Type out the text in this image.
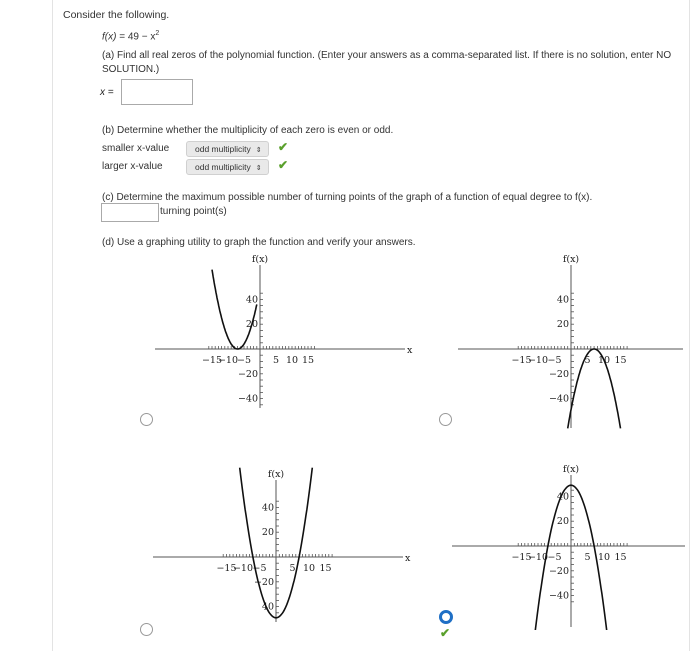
Consider the following.
$f(x) = 49 - x^2$
(a) Find all real zeros of the polynomial function. (Enter your answers as a comma-separated list. If there is no solution, enter NO SOLUTION.)
x =
(b) Determine whether the multiplicity of each zero is even or odd.
smaller x-value	odd multiplicity ⇕	✔
larger x-value	odd multiplicity ⇕	✔
(c) Determine the maximum possible number of turning points of the graph of a function of equal degree to f(x).
turning point(s)
(d) Use a graphing utility to graph the function and verify your answers.
−15
−10
−5 5 10 15
40
20
−20
−40
f(x)
x
−15
−10 −5 5 10 15
40
20
−20
−40
f(x)
−15
−10 −5 5 10 15
40
20
−20
40
f(x)
x	−15
−10 −5 5 10 15
40
20
−20
−40
f(x)
✔
